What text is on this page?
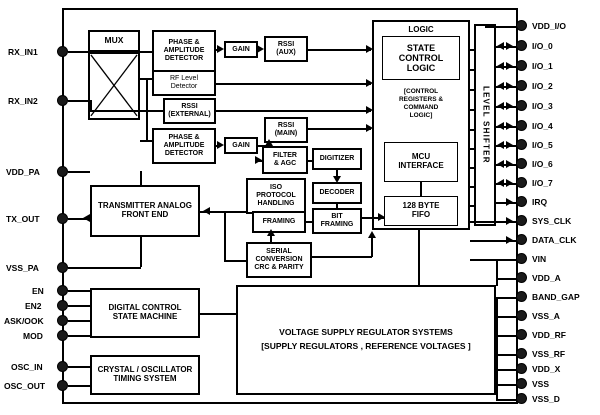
RX_IN1
RX_IN2
VDD_PA
TX_OUT
VSS_PA
EN
EN2
ASK/OOK
MOD
OSC_IN
OSC_OUT
VDD_I/O
I/O_0
I/O_1
I/O_2
I/O_3
I/O_4
I/O_5
I/O_6
I/O_7
IRQ
SYS_CLK
DATA_CLK
VIN
VDD_A
BAND_GAP
VSS_A
VDD_RF
VSS_RF
VDD_X
VSS
VSS_D
MUX	PHASE &
AMPLITUDE
DETECTOR
RF Level
Detector
RSSI
(EXTERNAL)
PHASE &
AMPLITUDE
DETECTOR
GAIN
RSSI
(AUX)
GAIN
RSSI
(MAIN)
FILTER
& AGC
DIGITIZER
DECODER
ISO
PROTOCOL
HANDLING
FRAMING
BIT
FRAMING
SERIAL
CONVERSION
CRC & PARITY
LOGIC
STATE
CONTROL
LOGIC
[CONTROL
REGISTERS &
COMMAND
LOGIC]
MCU
INTERFACE
128 BYTE
FIFO
LEVEL SHIFTER
TRANSMITTER ANALOG
FRONT END
DIGITAL CONTROL
STATE MACHINE
CRYSTAL / OSCILLATOR
TIMING SYSTEM
VOLTAGE SUPPLY REGULATOR SYSTEMS
[SUPPLY REGULATORS , REFERENCE VOLTAGES ]
